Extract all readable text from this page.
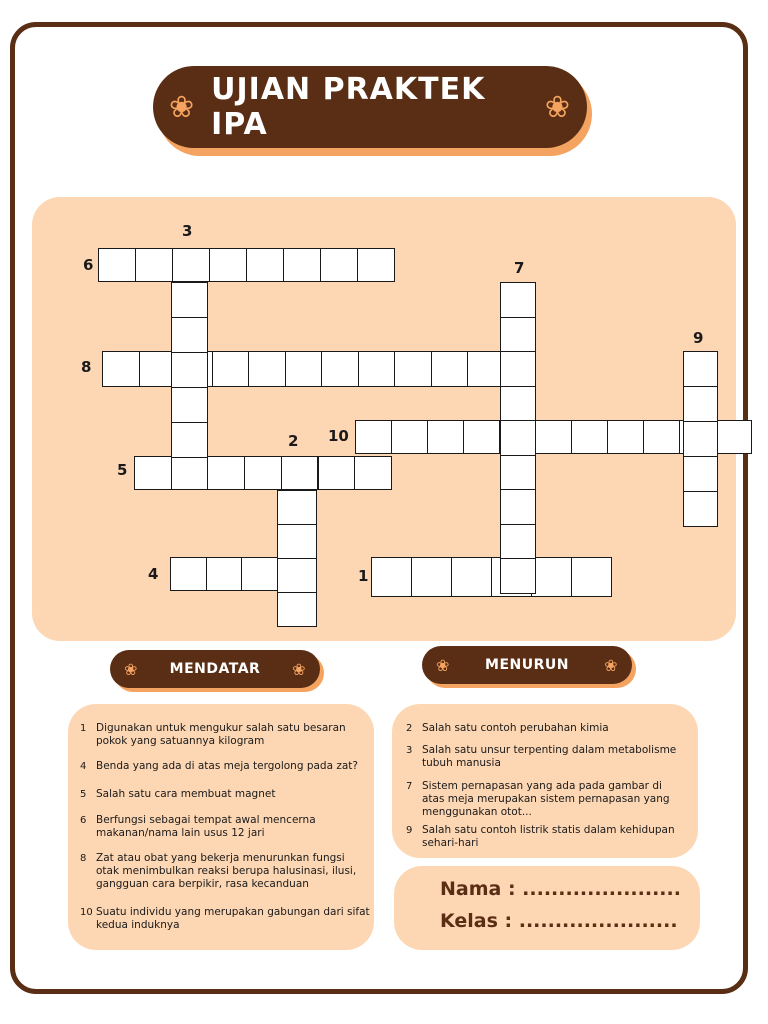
❀ UJIAN PRAKTEK IPA	❀
3
6	7
9
8
2 10
5
4	1
❀ MENDATAR ❀	❀	MENURUN ❀
1 Digunakan untuk mengukur salah satu besaran pokok yang satuannya kilogram
4 Benda yang ada di atas meja tergolong pada zat?
5 Salah satu cara membuat magnet
6 Berfungsi sebagai tempat awal mencerna makanan/nama lain usus 12 jari
8 Zat atau obat yang bekerja menurunkan fungsi otak menimbulkan reaksi berupa halusinasi, ilusi, gangguan cara berpikir, rasa kecanduan
10 Suatu individu yang merupakan gabungan dari sifat kedua induknya
2 Salah satu contoh perubahan kimia
3 Salah satu unsur terpenting dalam metabolisme tubuh manusia
7 Sistem pernapasan yang ada pada gambar di atas meja merupakan sistem pernapasan yang menggunakan otot...
9 Salah satu contoh listrik statis dalam kehidupan sehari-hari
Nama : ......................
Kelas : ......................
